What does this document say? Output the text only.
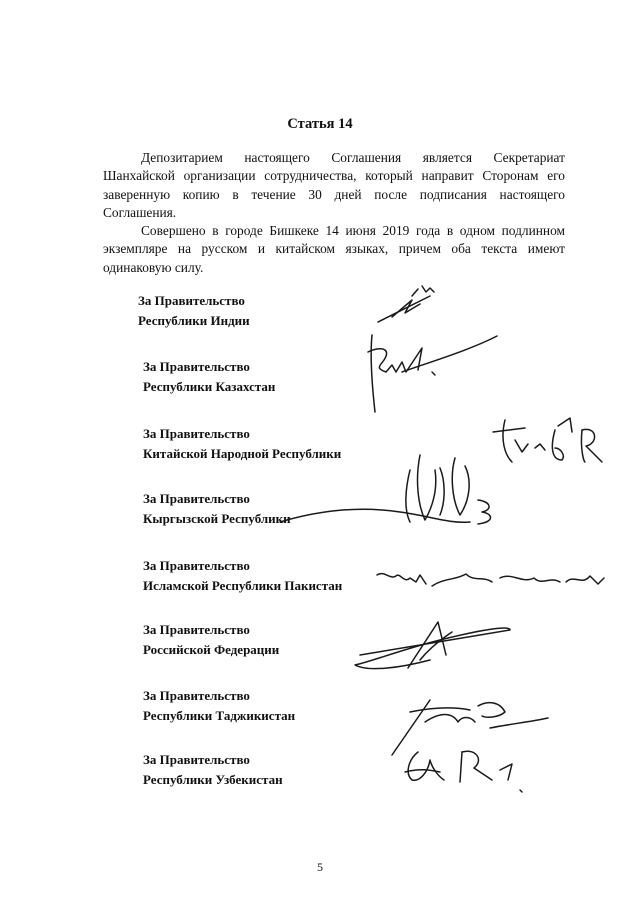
Статья 14

Депозитарием настоящего Соглашения является Секретариат Шанхайской организации сотрудничества, который направит Сторонам его заверенную копию в течение 30 дней после подписания настоящего Соглашения.

Совершено в городе Бишкеке 14 июня 2019 года в одном подлинном экземпляре на русском и китайском языках, причем оба текста имеют одинаковую силу.

За Правительство
Республики Индии
За Правительство
Республики Казахстан
За Правительство
Китайской Народной Республики
За Правительство
Кыргызской Республики
За Правительство
Исламской Республики Пакистан
За Правительство
Российской Федерации
За Правительство
Республики Таджикистан
За Правительство
Республики Узбекистан
5
